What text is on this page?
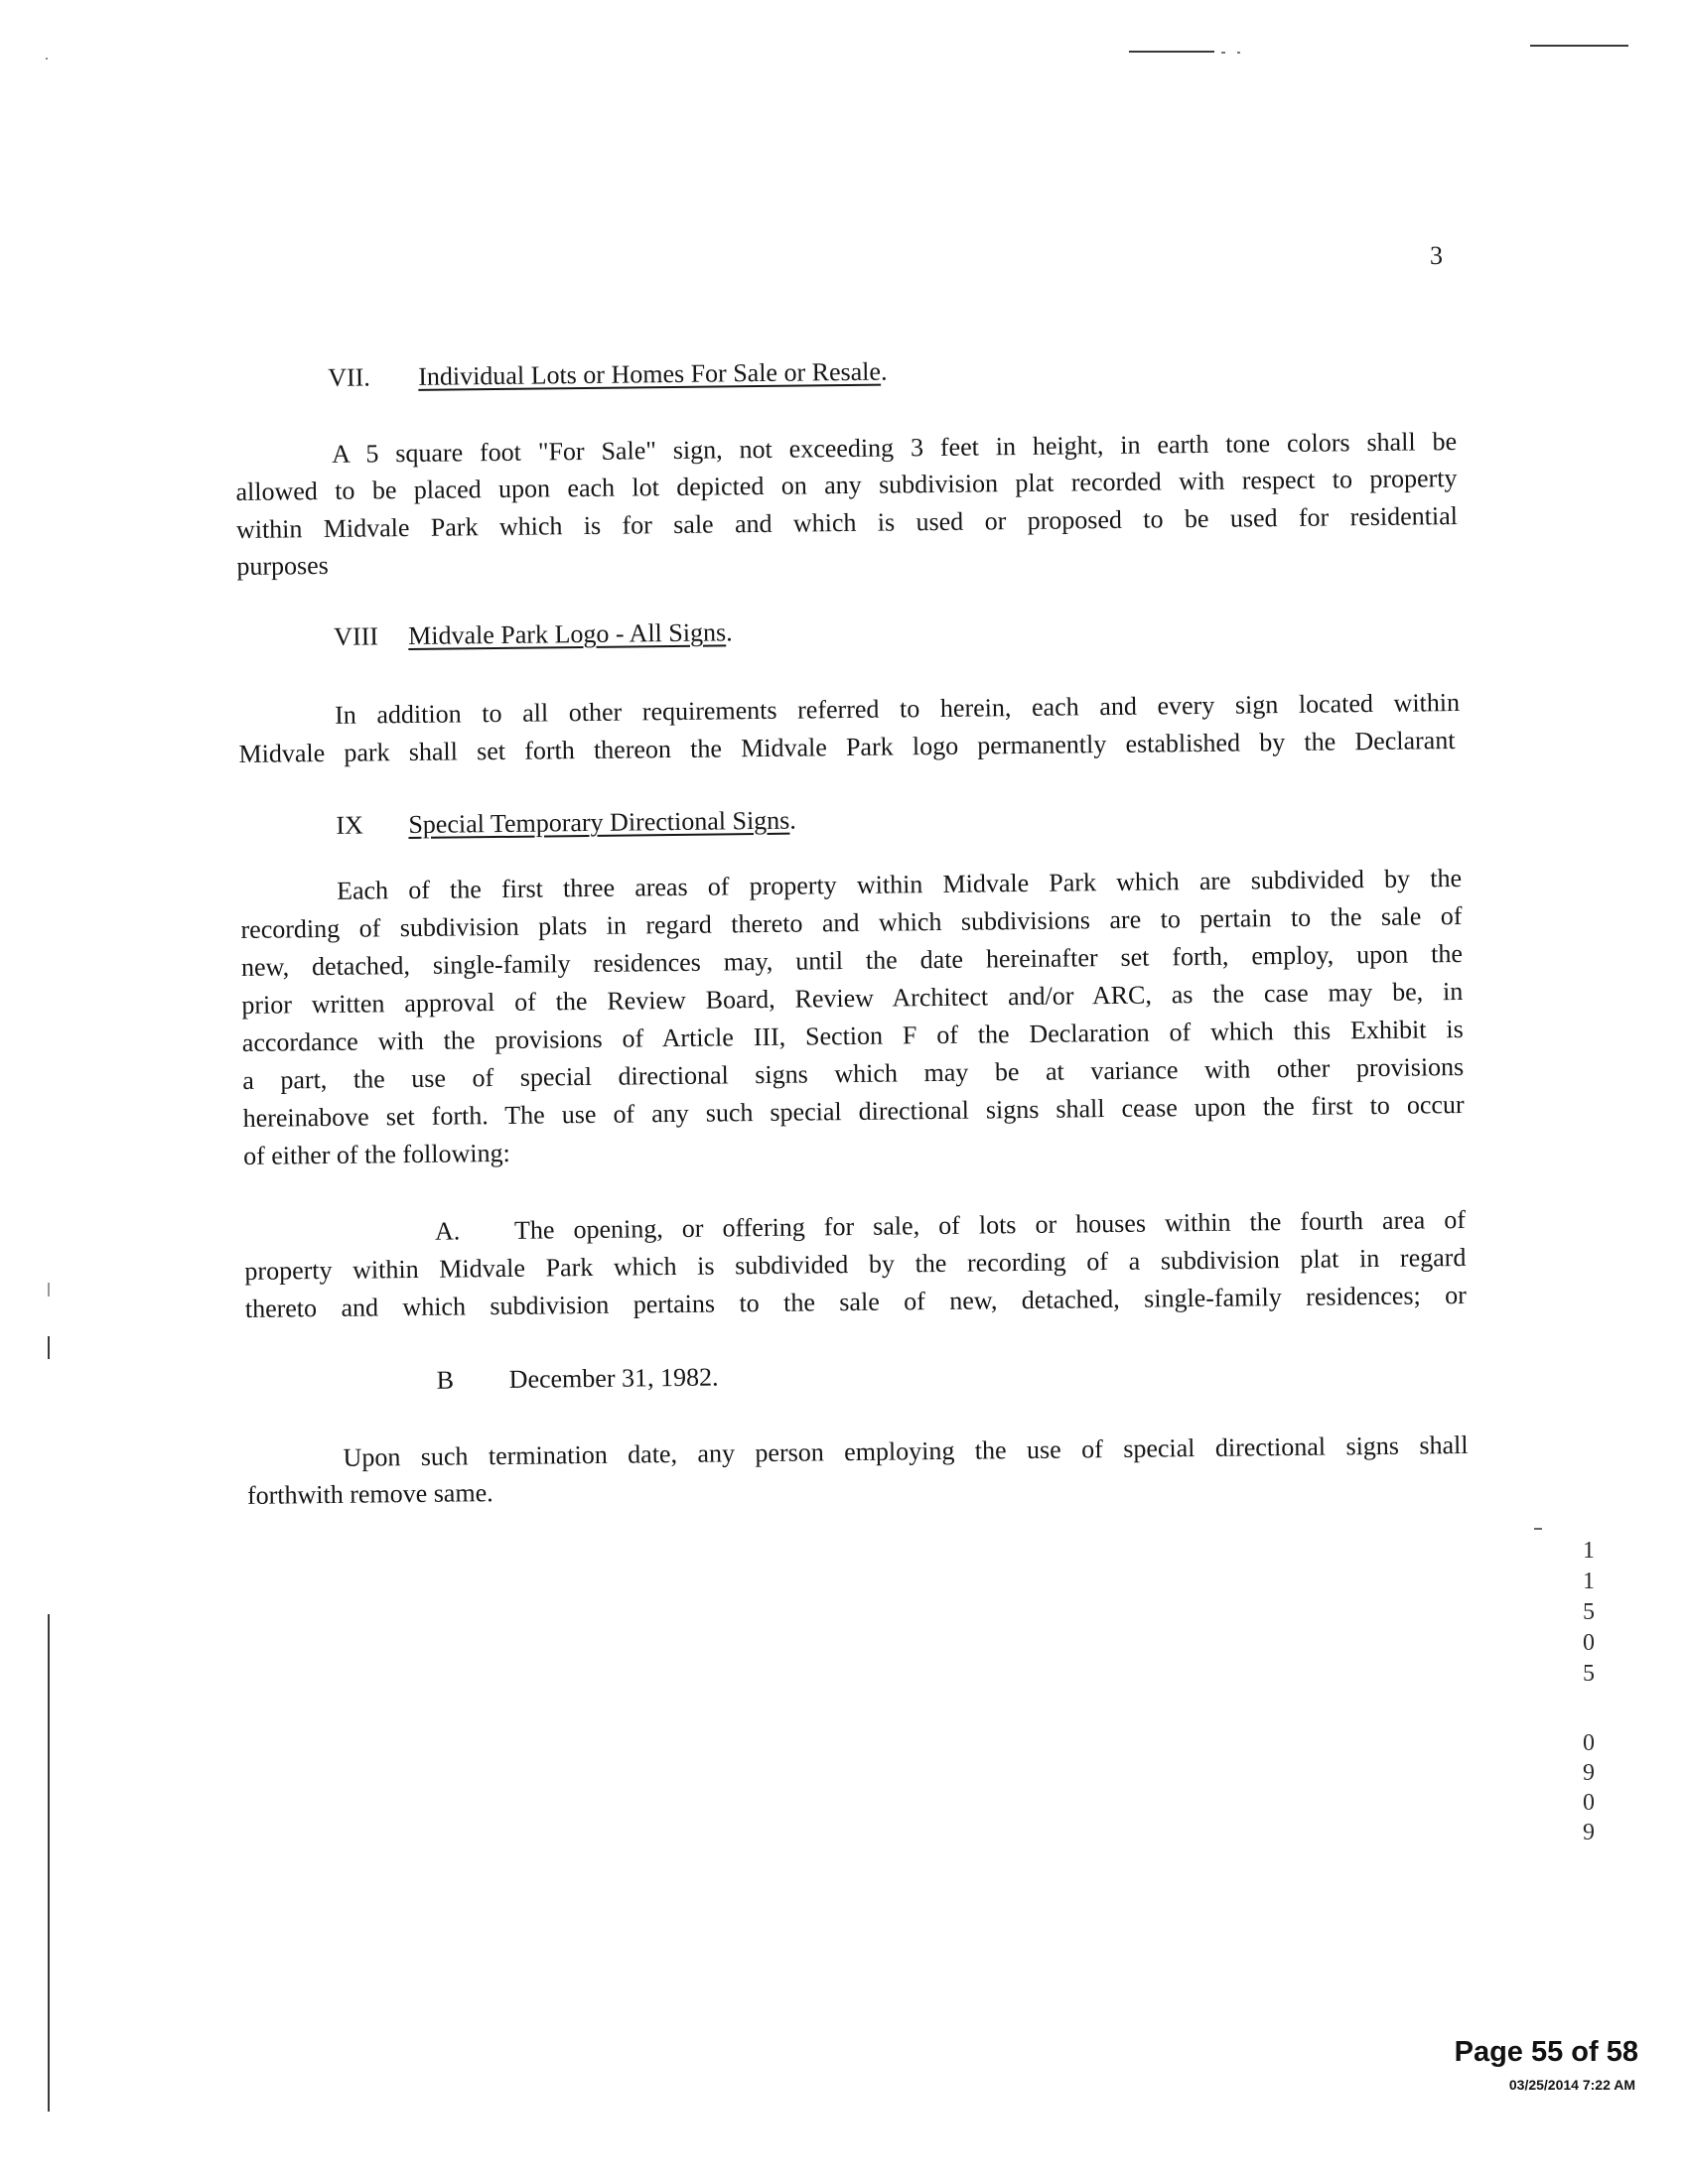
3
VII. Individual Lots or Homes For Sale or Resale.
A 5 square foot "For Sale" sign, not exceeding 3 feet in height, in earth tone colors shall be
allowed to be placed upon each lot depicted on any subdivision plat recorded with respect to property
within Midvale Park which is for sale and which is used or proposed to be used for residential
purposes
VIII Midvale Park Logo - All Signs.
In addition to all other requirements referred to herein, each and every sign located within
Midvale park shall set forth thereon the Midvale Park logo permanently established by the Declarant
IX Special Temporary Directional Signs.
Each of the first three areas of property within Midvale Park which are subdivided by the
recording of subdivision plats in regard thereto and which subdivisions are to pertain to the sale of
new, detached, single-family residences may, until the date hereinafter set forth, employ, upon the
prior written approval of the Review Board, Review Architect and/or ARC, as the case may be, in
accordance with the provisions of Article III, Section F of the Declaration of which this Exhibit is
a part, the use of special directional signs which may be at variance with other provisions
hereinabove set forth. The use of any such special directional signs shall cease upon the first to occur
of either of the following:
A. The opening, or offering for sale, of lots or houses within the fourth area of
property within Midvale Park which is subdivided by the recording of a subdivision plat in regard
thereto and which subdivision pertains to the sale of new, detached, single-family residences; or
B December 31, 1982.
Upon such termination date, any person employing the use of special directional signs shall
forthwith remove same.
11505
0909
Page 55 of 58
03/25/2014 7:22 AM
